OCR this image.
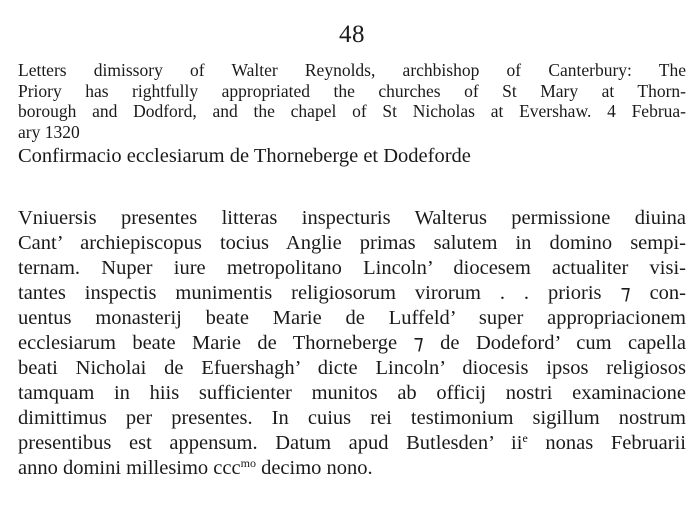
48
Letters dimissory of Walter Reynolds, archbishop of Canterbury: The
Priory has rightfully appropriated the churches of St Mary at Thorn-
borough and Dodford, and the chapel of St Nicholas at Evershaw. 4 Februa-
ary 1320
Confirmacio ecclesiarum de Thorneberge et Dodeforde
Vniuersis presentes litteras inspecturis Walterus permissione diuina
Cant’ archiepiscopus tocius Anglie primas salutem in domino sempi-
ternam. Nuper iure metropolitano Lincoln’ diocesem actualiter visi-
tantes inspectis munimentis religiosorum virorum . . prioris ⁊ con-
uentus monasterij beate Marie de Luffeld’ super appropriacionem
ecclesiarum beate Marie de Thorneberge ⁊ de Dodeford’ cum capella
beati Nicholai de Efuershagh’ dicte Lincoln’ diocesis ipsos religiosos
tamquam in hiis sufficienter munitos ab officij nostri examinacione
dimittimus per presentes. In cuius rei testimonium sigillum nostrum
presentibus est appensum. Datum apud Butlesden’ $ii^e$ nonas Februarii
anno domini millesimo ccc$^{mo}$ decimo nono.
